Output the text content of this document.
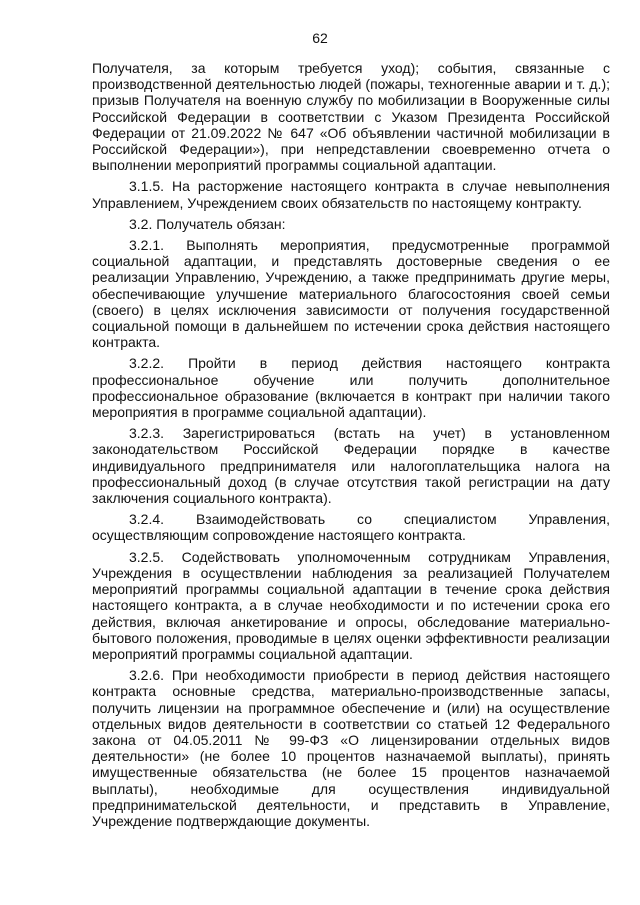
62

Получателя, за которым требуется уход); события, связанные с производственной деятельностью людей (пожары, техногенные аварии и т. д.); призыв Получателя на военную службу по мобилизации в Вооруженные силы Российской Федерации в соответствии с Указом Президента Российской Федерации от 21.09.2022 № 647 «Об объявлении частичной мобилизации в Российской Федерации»), при непредставлении своевременно отчета о выполнении мероприятий программы социальной адаптации.

3.1.5. На расторжение настоящего контракта в случае невыполнения Управлением, Учреждением своих обязательств по настоящему контракту.

3.2. Получатель обязан:

3.2.1. Выполнять мероприятия, предусмотренные программой социальной адаптации, и представлять достоверные сведения о ее реализации Управлению, Учреждению, а также предпринимать другие меры, обеспечивающие улучшение материального благосостояния своей семьи (своего) в целях исключения зависимости от получения государственной социальной помощи в дальнейшем по истечении срока действия настоящего контракта.

3.2.2. Пройти в период действия настоящего контракта профессиональное обучение или получить дополнительное профессиональное образование (включается в контракт при наличии такого мероприятия в программе социальной адаптации).

3.2.3. Зарегистрироваться (встать на учет) в установленном законодательством Российской Федерации порядке в качестве индивидуального предпринимателя или налогоплательщика налога на профессиональный доход (в случае отсутствия такой регистрации на дату заключения социального контракта).

3.2.4. Взаимодействовать со специалистом Управления, осуществляющим сопровождение настоящего контракта.

3.2.5. Содействовать уполномоченным сотрудникам Управления, Учреждения в осуществлении наблюдения за реализацией Получателем мероприятий программы социальной адаптации в течение срока действия настоящего контракта, а в случае необходимости и по истечении срока его действия, включая анкетирование и опросы, обследование материально-бытового положения, проводимые в целях оценки эффективности реализации мероприятий программы социальной адаптации.

3.2.6. При необходимости приобрести в период действия настоящего контракта основные средства, материально-производственные запасы, получить лицензии на программное обеспечение и (или) на осуществление отдельных видов деятельности в соответствии со статьей 12 Федерального закона от 04.05.2011 № 99-ФЗ «О лицензировании отдельных видов деятельности» (не более 10 процентов назначаемой выплаты), принять имущественные обязательства (не более 15 процентов назначаемой выплаты), необходимые для осуществления индивидуальной предпринимательской деятельности, и представить в Управление, Учреждение подтверждающие документы.
